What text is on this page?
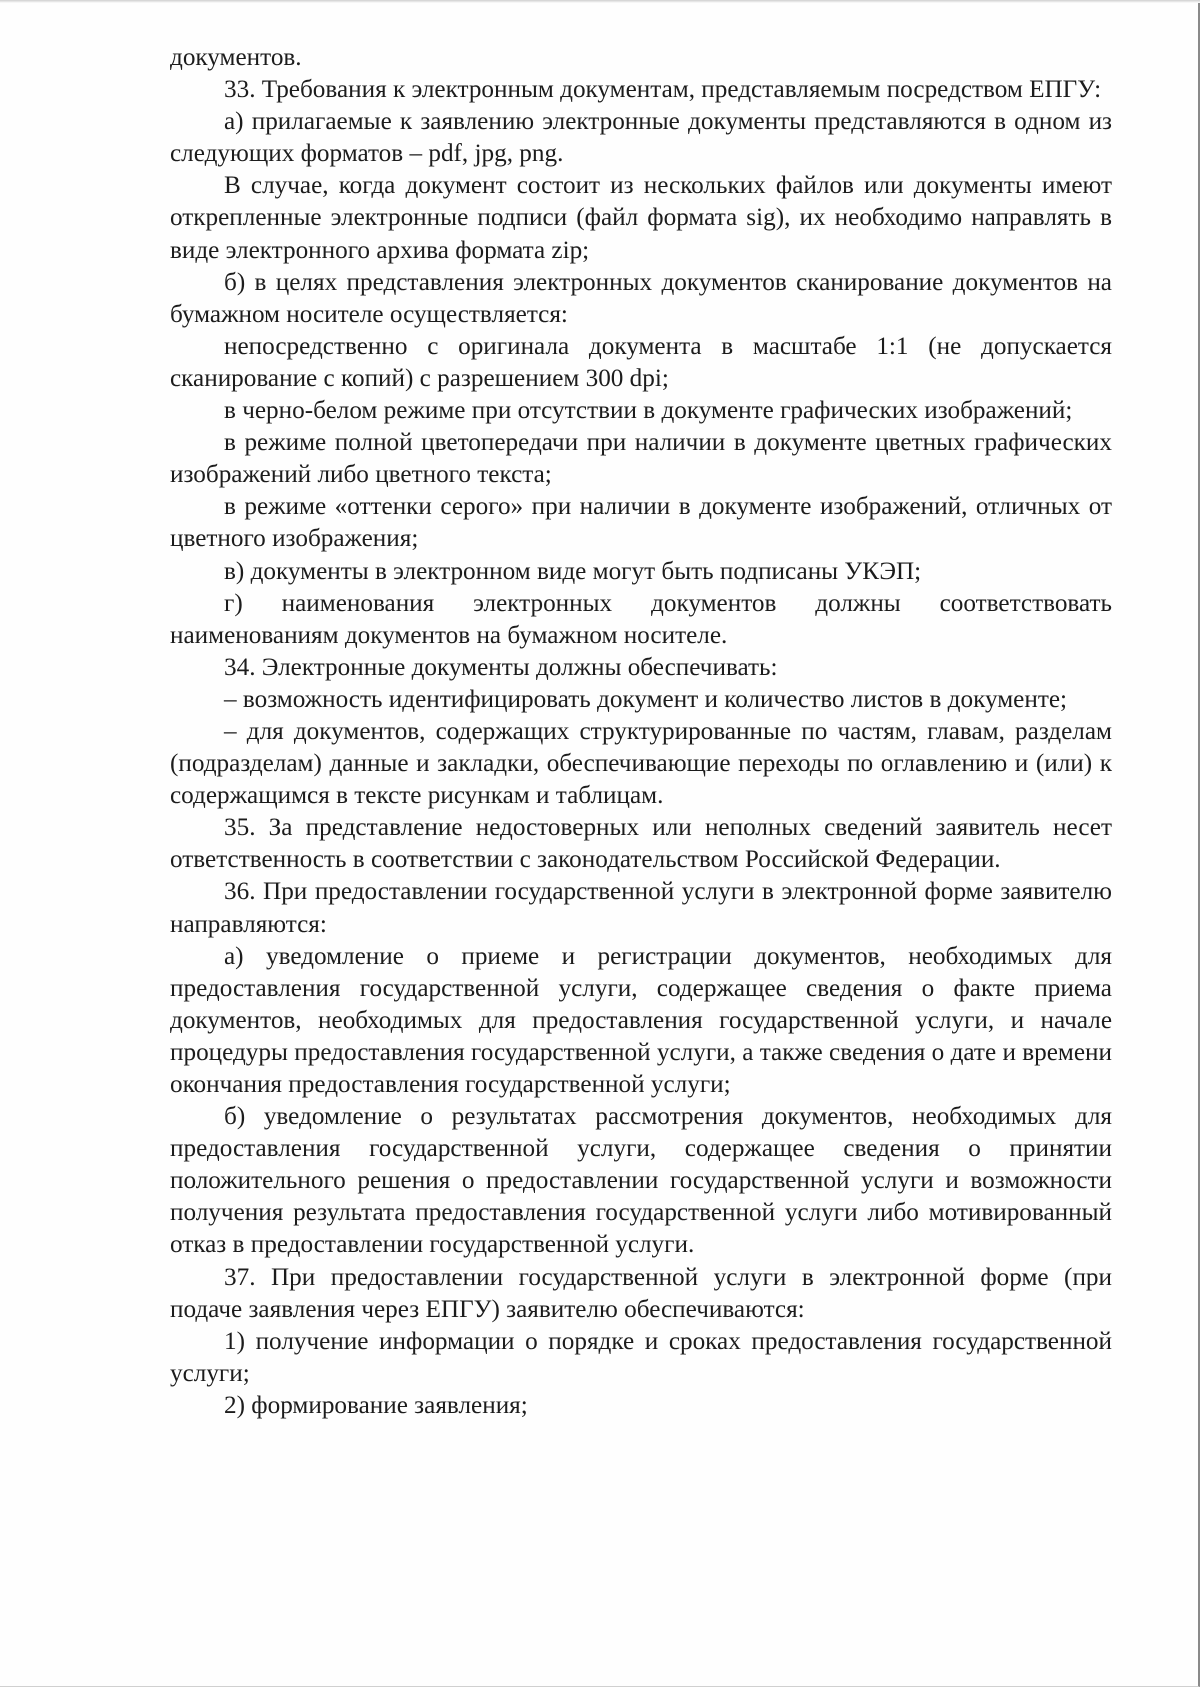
документов.

33. Требования к электронным документам, представляемым посредством ЕПГУ:

а) прилагаемые к заявлению электронные документы представляются в одном из следующих форматов – pdf, jpg, png.

В случае, когда документ состоит из нескольких файлов или документы имеют открепленные электронные подписи (файл формата sig), их необходимо направлять в виде электронного архива формата zip;

б) в целях представления электронных документов сканирование документов на бумажном носителе осуществляется:

непосредственно с оригинала документа в масштабе 1:1 (не допускается сканирование с копий) с разрешением 300 dpi;

в черно-белом режиме при отсутствии в документе графических изображений;

в режиме полной цветопередачи при наличии в документе цветных графических изображений либо цветного текста;

в режиме «оттенки серого» при наличии в документе изображений, отличных от цветного изображения;

в) документы в электронном виде могут быть подписаны УКЭП;

г) наименования электронных документов должны соответствовать наименованиям документов на бумажном носителе.

34. Электронные документы должны обеспечивать:

– возможность идентифицировать документ и количество листов в документе;

– для документов, содержащих структурированные по частям, главам, разделам (подразделам) данные и закладки, обеспечивающие переходы по оглавлению и (или) к содержащимся в тексте рисункам и таблицам.

35. За представление недостоверных или неполных сведений заявитель несет ответственность в соответствии с законодательством Российской Федерации.

36. При предоставлении государственной услуги в электронной форме заявителю направляются:

а) уведомление о приеме и регистрации документов, необходимых для предоставления государственной услуги, содержащее сведения о факте приема документов, необходимых для предоставления государственной услуги, и начале процедуры предоставления государственной услуги, а также сведения о дате и времени окончания предоставления государственной услуги;

б) уведомление о результатах рассмотрения документов, необходимых для предоставления государственной услуги, содержащее сведения о принятии положительного решения о предоставлении государственной услуги и возможности получения результата предоставления государственной услуги либо мотивированный отказ в предоставлении государственной услуги.

37. При предоставлении государственной услуги в электронной форме (при подаче заявления через ЕПГУ) заявителю обеспечиваются:

1) получение информации о порядке и сроках предоставления государственной услуги;

2) формирование заявления;
